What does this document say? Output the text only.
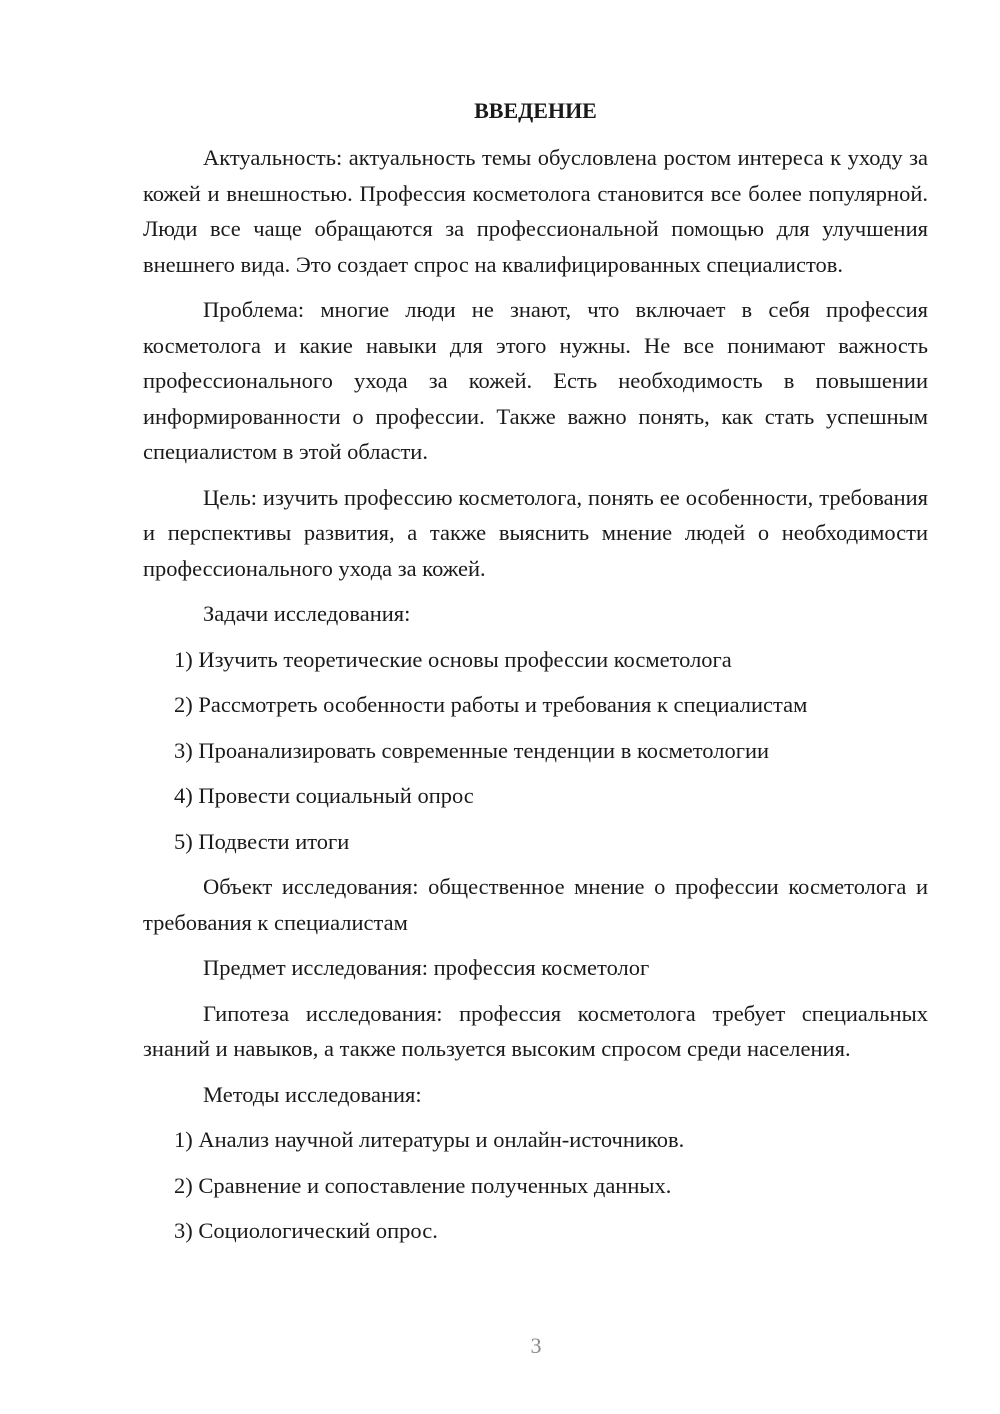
ВВЕДЕНИЕ

Актуальность: актуальность темы обусловлена ростом интереса к уходу за кожей и внешностью. Профессия косметолога становится все более популярной. Люди все чаще обращаются за профессиональной помощью для улучшения внешнего вида. Это создает спрос на квалифицированных специалистов.

Проблема: многие люди не знают, что включает в себя профессия косметолога и какие навыки для этого нужны. Не все понимают важность профессионального ухода за кожей. Есть необходимость в повышении информированности о профессии. Также важно понять, как стать успешным специалистом в этой области.

Цель: изучить профессию косметолога, понять ее особенности, требования и перспективы развития, а также выяснить мнение людей о необходимости профессионального ухода за кожей.

Задачи исследования:

1) Изучить теоретические основы профессии косметолога
2) Рассмотреть особенности работы и требования к специалистам
3) Проанализировать современные тенденции в косметологии
4) Провести социальный опрос
5) Подвести итоги

Объект исследования: общественное мнение о профессии косметолога и требования к специалистам

Предмет исследования: профессия косметолог

Гипотеза исследования: профессия косметолога требует специальных знаний и навыков, а также пользуется высоким спросом среди населения.

Методы исследования:

1) Анализ научной литературы и онлайн-источников.
2) Сравнение и сопоставление полученных данных.
3) Социологический опрос.
3
